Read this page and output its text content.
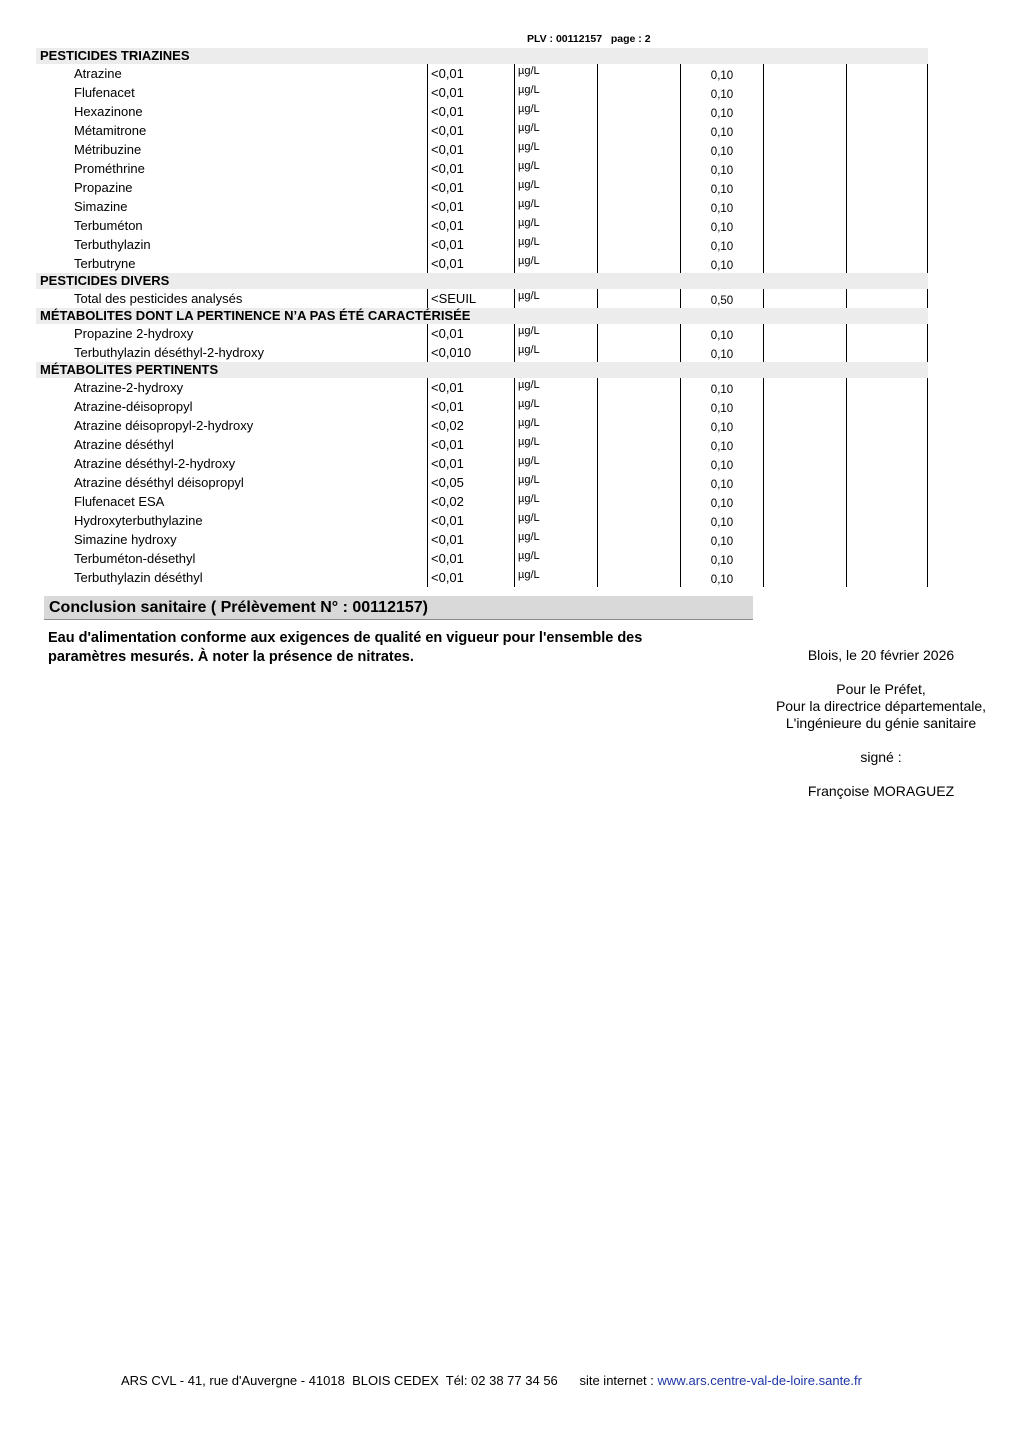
PLV : 00112157   page : 2
PESTICIDES TRIAZINES
Atrazine	<0,01	µg/L	0,10
Flufenacet	<0,01	µg/L	0,10
Hexazinone	<0,01	µg/L	0,10
Métamitrone	<0,01	µg/L	0,10
Métribuzine	<0,01	µg/L	0,10
Prométhrine	<0,01	µg/L	0,10
Propazine	<0,01	µg/L	0,10
Simazine	<0,01	µg/L	0,10
Terbuméton	<0,01	µg/L	0,10
Terbuthylazin	<0,01	µg/L	0,10
Terbutryne	<0,01	µg/L	0,10
PESTICIDES DIVERS
Total des pesticides analysés	<SEUIL	µg/L	0,50
MÉTABOLITES DONT LA PERTINENCE N’A PAS ÉTÉ CARACTÉRISÉE
Propazine 2-hydroxy	<0,01	µg/L	0,10
Terbuthylazin déséthyl-2-hydroxy	<0,010	µg/L	0,10
MÉTABOLITES PERTINENTS
Atrazine-2-hydroxy	<0,01	µg/L	0,10
Atrazine-déisopropyl	<0,01	µg/L	0,10
Atrazine déisopropyl-2-hydroxy	<0,02	µg/L	0,10
Atrazine déséthyl	<0,01	µg/L	0,10
Atrazine déséthyl-2-hydroxy	<0,01	µg/L	0,10
Atrazine déséthyl déisopropyl	<0,05	µg/L	0,10
Flufenacet ESA	<0,02	µg/L	0,10
Hydroxyterbuthylazine	<0,01	µg/L	0,10
Simazine hydroxy	<0,01	µg/L	0,10
Terbuméton-désethyl	<0,01	µg/L	0,10
Terbuthylazin déséthyl	<0,01	µg/L	0,10
Conclusion sanitaire ( Prélèvement N° : 00112157)
Eau d'alimentation conforme aux exigences de qualité en vigueur pour l'ensemble des paramètres mesurés. À noter la présence de nitrates.	Blois, le 20 février 2026
Pour le Préfet,
Pour la directrice départementale,
L'ingénieure du génie sanitaire
signé :
Françoise MORAGUEZ
ARS CVL - 41, rue d'Auvergne - 41018  BLOIS CEDEX  Tél: 02 38 77 34 56      site internet : www.ars.centre-val-de-loire.sante.fr
